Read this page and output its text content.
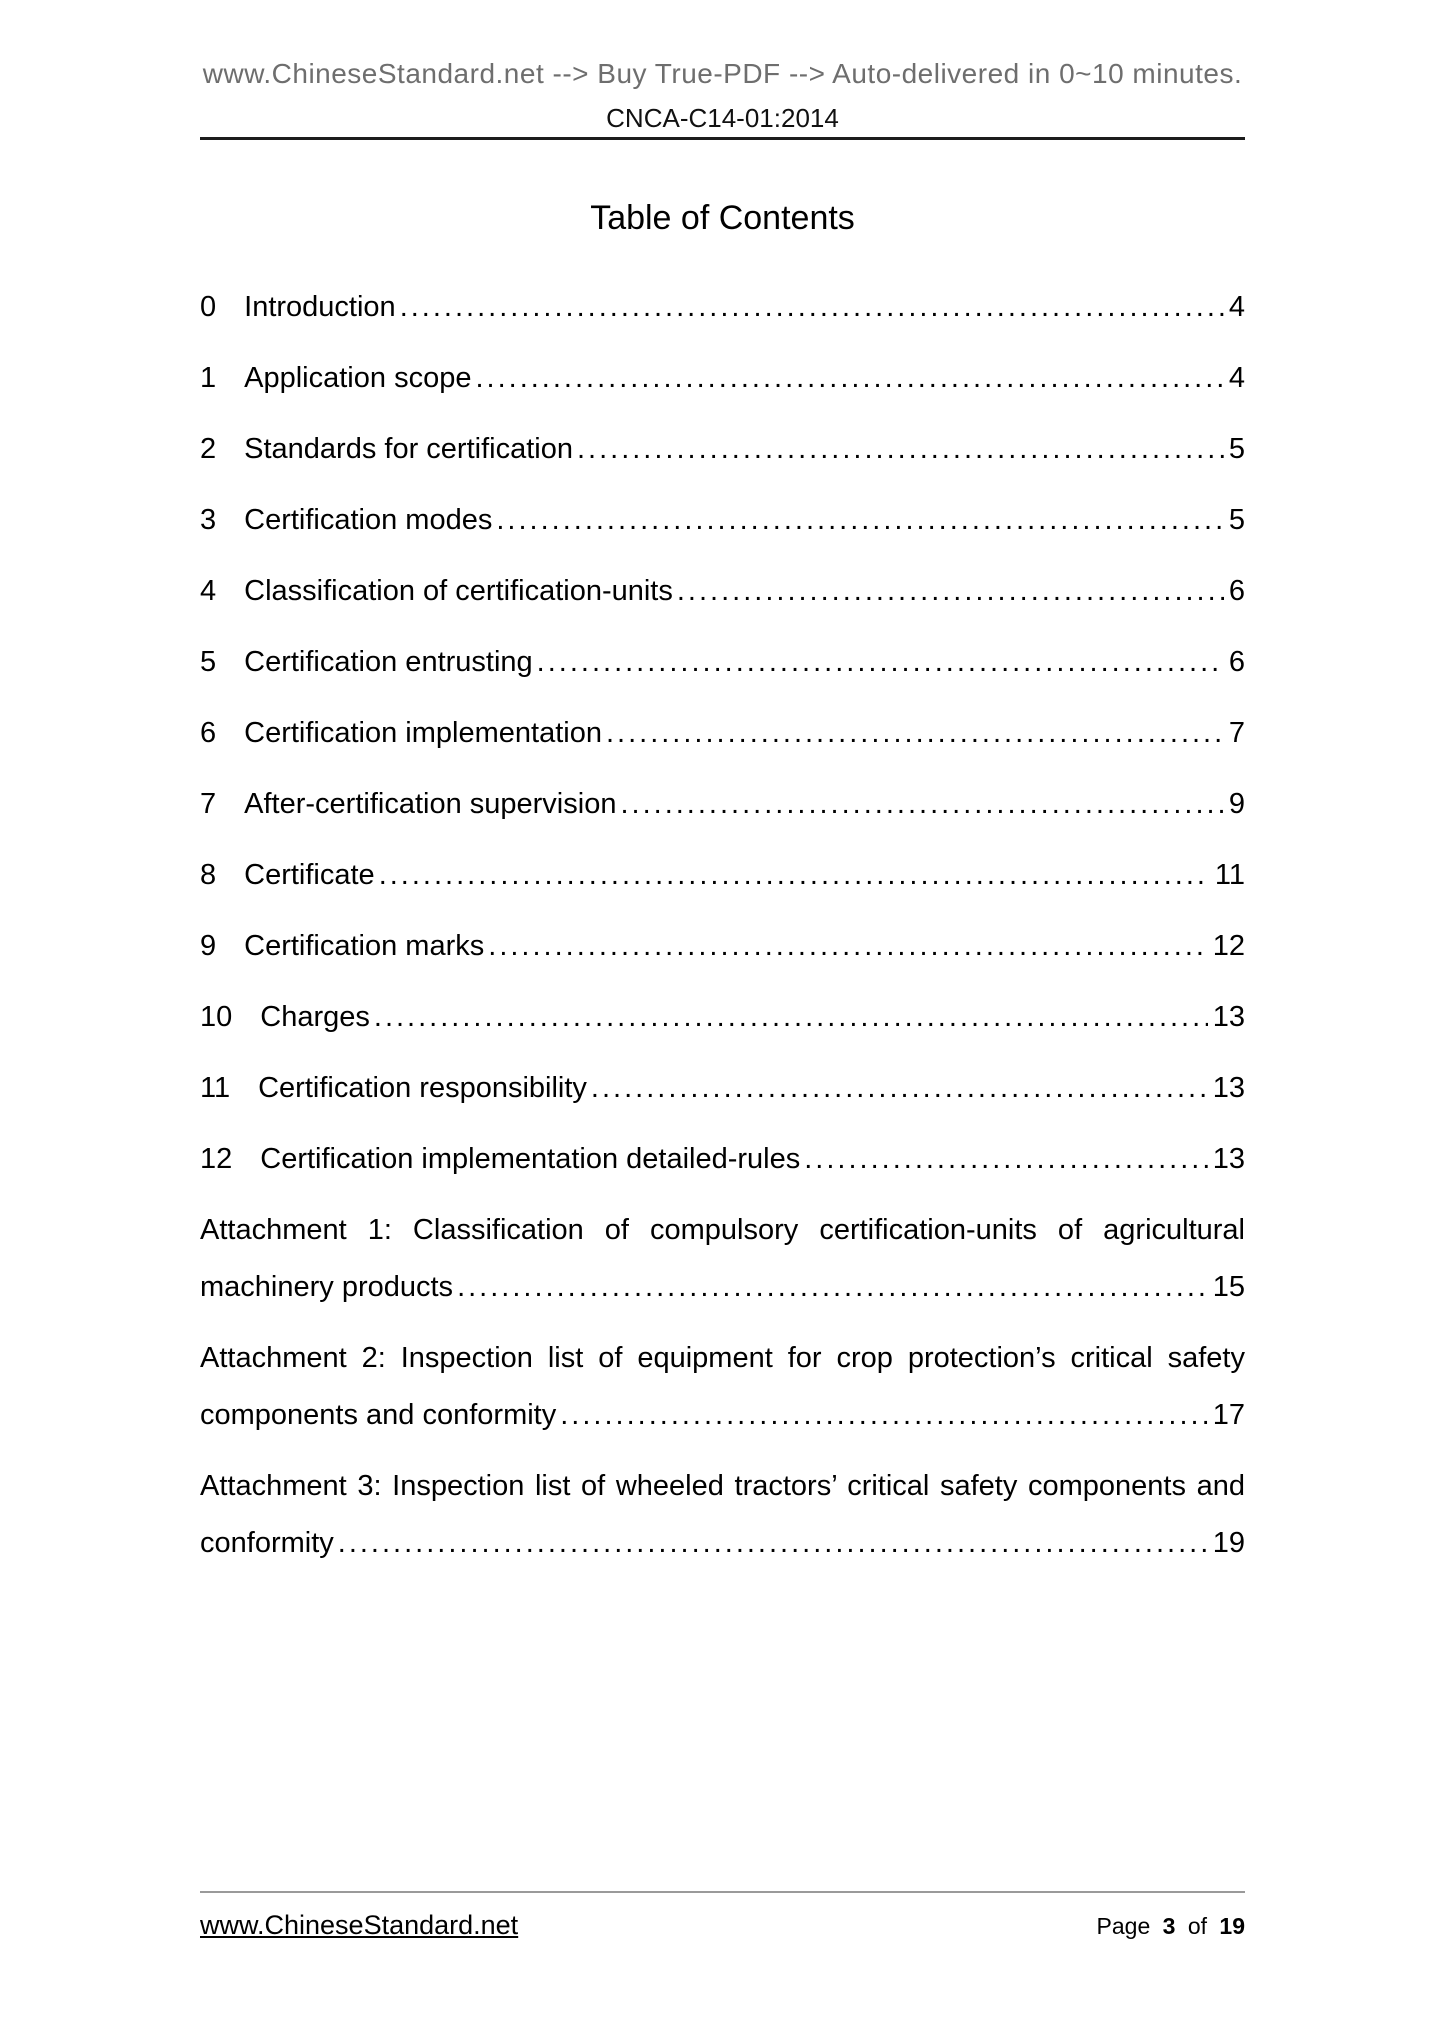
www.ChineseStandard.net --> Buy True-PDF --> Auto-delivered in 0~10 minutes.
CNCA-C14-01:2014
Table of Contents
0 Introduction .....	4
1 Application scope .....	4
2 Standards for certification .....	5
3 Certification modes .....	5
4 Classification of certification-units .....	6
5 Certification entrusting .....	6
6 Certification implementation .....	7
7 After-certification supervision .....	9
8 Certificate .....	11
9 Certification marks .....	12
10 Charges .....	13
11 Certification responsibility .....	13
12 Certification implementation detailed-rules .....	13
Attachment 1: Classification of compulsory certification-units of agricultural
machinery products .....	15
Attachment 2: Inspection list of equipment for crop protection’s critical safety
components and conformity .....	17
Attachment 3: Inspection list of wheeled tractors’ critical safety components and
conformity .....	19
www.ChineseStandard.net	Page 3 of 19
